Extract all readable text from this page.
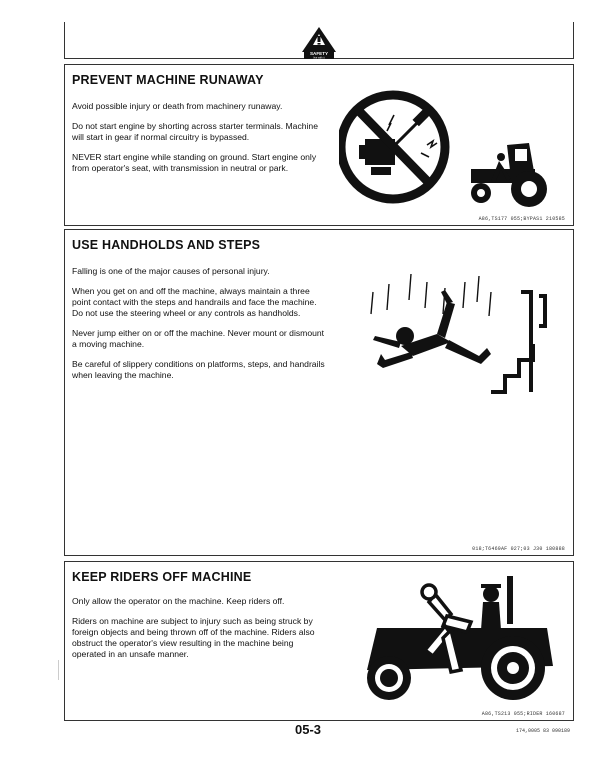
SAFETY
live with it
PREVENT MACHINE RUNAWAY

Avoid possible injury or death from machinery runaway.

Do not start engine by shorting across starter terminals. Machine will start in gear if normal circuitry is bypassed.

NEVER start engine while standing on ground. Start engine only from operator's seat, with transmission in neutral or park.

A86,TS177 055;BYPAS1 210585
USE HANDHOLDS AND STEPS

Falling is one of the major causes of personal injury.

When you get on and off the machine, always maintain a three point contact with the steps and handrails and face the machine. Do not use the steering wheel or any controls as handholds.

Never jump either on or off the machine. Never mount or dismount a moving machine.

Be careful of slippery conditions on platforms, steps, and handrails when leaving the machine.

018;T6469AF 027;03 J30 180888
KEEP RIDERS OFF MACHINE

Only allow the operator on the machine. Keep riders off.

Riders on machine are subject to injury such as being struck by foreign objects and being thrown off of the machine. Riders also obstruct the operator's view resulting in the machine being operated in an unsafe manner.

A86,TS213 055;RIDER 160687
05-3	174,0005 83 090189
